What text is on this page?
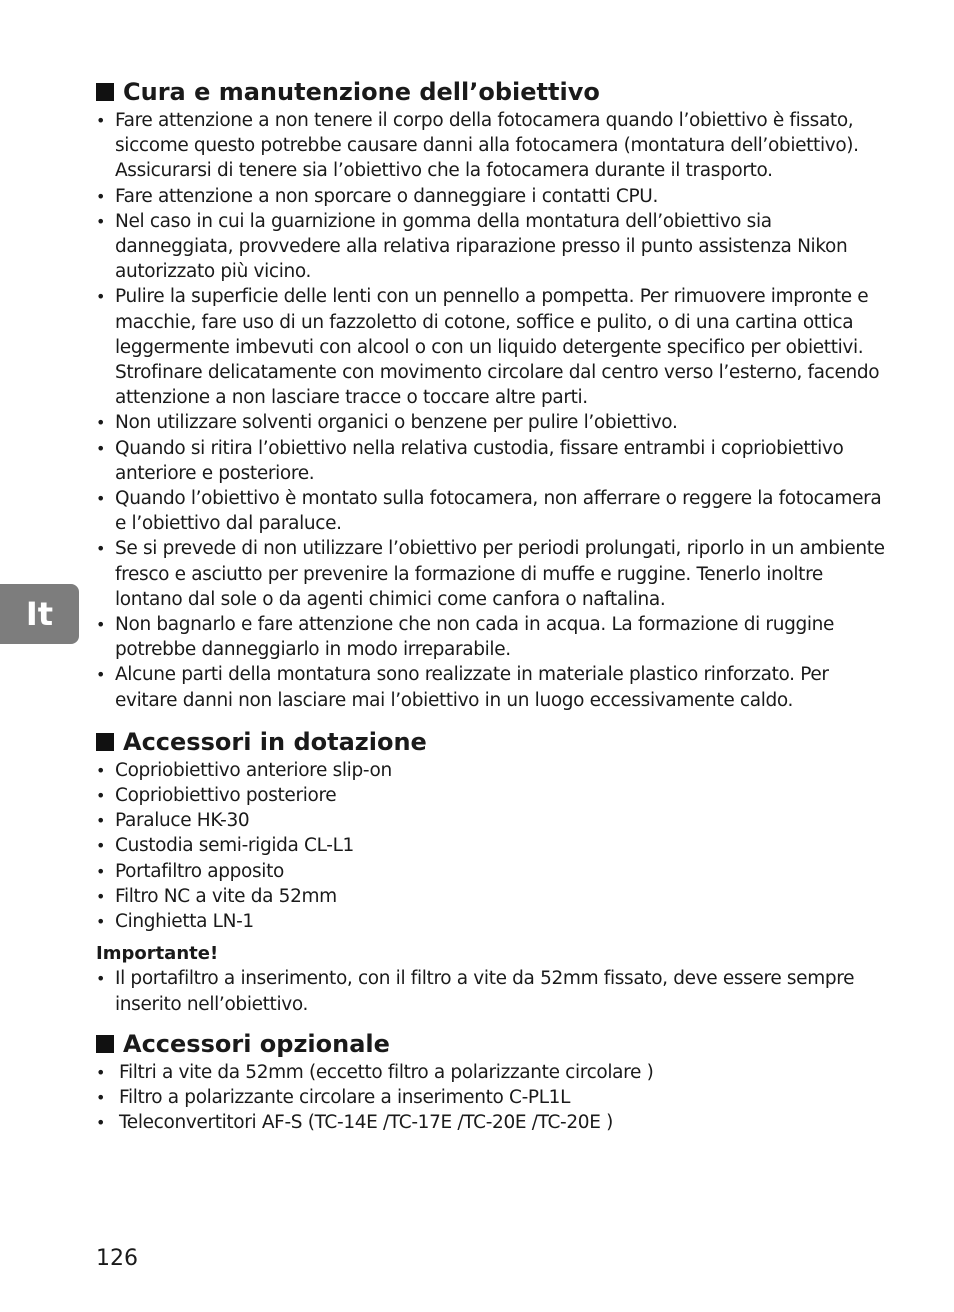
Cura e manutenzione dell’obiettivo
• Fare attenzione a non tenere il corpo della fotocamera quando l’obiettivo è fissato, siccome questo potrebbe causare danni alla fotocamera (montatura dell’obiettivo). Assicurarsi di tenere sia l’obiettivo che la fotocamera durante il trasporto.
• Fare attenzione a non sporcare o danneggiare i contatti CPU.
• Nel caso in cui la guarnizione in gomma della montatura dell’obiettivo sia danneggiata, provvedere alla relativa riparazione presso il punto assistenza Nikon autorizzato più vicino.
• Pulire la superficie delle lenti con un pennello a pompetta. Per rimuovere impronte e macchie, fare uso di un fazzoletto di cotone, soffice e pulito, o di una cartina ottica leggermente imbevuti con alcool o con un liquido detergente specifico per obiettivi. Strofinare delicatamente con movimento circolare dal centro verso l’esterno, facendo attenzione a non lasciare tracce o toccare altre parti.
• Non utilizzare solventi organici o benzene per pulire l’obiettivo.
• Quando si ritira l’obiettivo nella relativa custodia, fissare entrambi i copriobiettivo anteriore e posteriore.
• Quando l’obiettivo è montato sulla fotocamera, non afferrare o reggere la fotocamera e l’obiettivo dal paraluce.
• Se si prevede di non utilizzare l’obiettivo per periodi prolungati, riporlo in un ambiente fresco e asciutto per prevenire la formazione di muffe e ruggine. Tenerlo inoltre lontano dal sole o da agenti chimici come canfora o naftalina.
• Non bagnarlo e fare attenzione che non cada in acqua. La formazione di ruggine potrebbe danneggiarlo in modo irreparabile.
• Alcune parti della montatura sono realizzate in materiale plastico rinforzato. Per evitare danni non lasciare mai l’obiettivo in un luogo eccessivamente caldo.
Accessori in dotazione
• Copriobiettivo anteriore slip-on
• Copriobiettivo posteriore
• Paraluce HK-30
• Custodia semi-rigida CL-L1
• Portafiltro apposito
• Filtro NC a vite da 52mm
• Cinghietta LN-1
Importante!
• Il portafiltro a inserimento, con il filtro a vite da 52mm fissato, deve essere sempre inserito nell’obiettivo.
Accessori opzionale
• Filtri a vite da 52mm (eccetto filtro a polarizzante circolare )
• Filtro a polarizzante circolare a inserimento C-PL1L
• Teleconvertitori AF-S (TC-14E /TC-17E /TC-20E /TC-20E )
It
126
